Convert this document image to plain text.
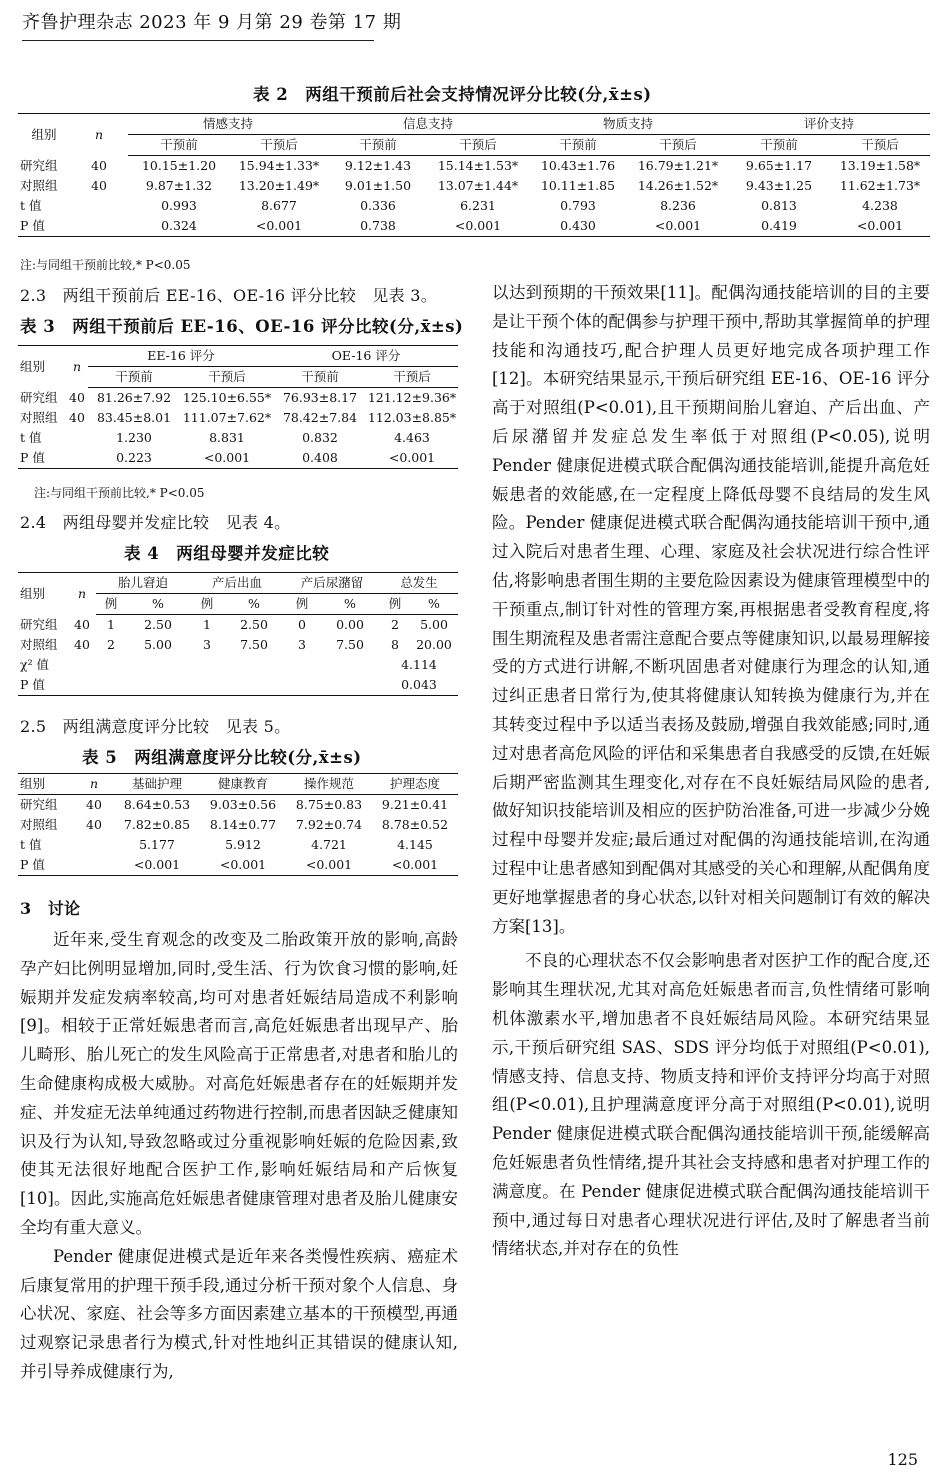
齐鲁护理杂志 2023 年 9 月第 29 卷第 17 期
表 2　两组干预前后社会支持情况评分比较(分,x̄±s)
组别	n	情感支持		信息支持		物质支持		评价支持	
		干预前	干预后	干预前	干预后	干预前	干预后	干预前	干预后
研究组	40	10.15±1.20	15.94±1.33*	9.12±1.43	15.14±1.53*	10.43±1.76	16.79±1.21*	9.65±1.17	13.19±1.58*
对照组	40	9.87±1.32	13.20±1.49*	9.01±1.50	13.07±1.44*	10.11±1.85	14.26±1.52*	9.43±1.25	11.62±1.73*
t 值		0.993	8.677	0.336	6.231	0.793	8.236	0.813	4.238
P 值		0.324	<0.001	0.738	<0.001	0.430	<0.001	0.419	<0.001
注:与同组干预前比较,* P<0.05
2.3　两组干预前后 EE-16、OE-16 评分比较　见表 3。
表 3　两组干预前后 EE-16、OE-16 评分比较(分,x̄±s)
组别	n	EE-16 评分		OE-16 评分	
		干预前	干预后	干预前	干预后
研究组	40	81.26±7.92	125.10±6.55*	76.93±8.17	121.12±9.36*
对照组	40	83.45±8.01	111.07±7.62*	78.42±7.84	112.03±8.85*
t 值		1.230	8.831	0.832	4.463
P 值		0.223	<0.001	0.408	<0.001
注:与同组干预前比较,* P<0.05
2.4　两组母婴并发症比较　见表 4。
表 4　两组母婴并发症比较
组别	n	胎儿窘迫		产后出血		产后尿潴留		总发生	
		例	%	例	%	例	%	例	%
研究组	40	1	2.50	1	2.50	0	0.00	2	5.00
对照组	40	2	5.00	3	7.50	3	7.50	8	20.00
χ² 值								4.114	
P 值								0.043	
2.5　两组满意度评分比较　见表 5。
表 5　两组满意度评分比较(分,x̄±s)
组别	n	基础护理	健康教育	操作规范	护理态度
研究组	40	8.64±0.53	9.03±0.56	8.75±0.83	9.21±0.41
对照组	40	7.82±0.85	8.14±0.77	7.92±0.74	8.78±0.52
t 值		5.177	5.912	4.721	4.145
P 值		<0.001	<0.001	<0.001	<0.001
3　讨论

近年来,受生育观念的改变及二胎政策开放的影响,高龄孕产妇比例明显增加,同时,受生活、行为饮食习惯的影响,妊娠期并发症发病率较高,均可对患者妊娠结局造成不利影响[9]。相较于正常妊娠患者而言,高危妊娠患者出现早产、胎儿畸形、胎儿死亡的发生风险高于正常患者,对患者和胎儿的生命健康构成极大威胁。对高危妊娠患者存在的妊娠期并发症、并发症无法单纯通过药物进行控制,而患者因缺乏健康知识及行为认知,导致忽略或过分重视影响妊娠的危险因素,致使其无法很好地配合医护工作,影响妊娠结局和产后恢复[10]。因此,实施高危妊娠患者健康管理对患者及胎儿健康安全均有重大意义。

Pender 健康促进模式是近年来各类慢性疾病、癌症术后康复常用的护理干预手段,通过分析干预对象个人信息、身心状况、家庭、社会等多方面因素建立基本的干预模型,再通过观察记录患者行为模式,针对性地纠正其错误的健康认知,并引导养成健康行为,

以达到预期的干预效果[11]。配偶沟通技能培训的目的主要是让干预个体的配偶参与护理干预中,帮助其掌握简单的护理技能和沟通技巧,配合护理人员更好地完成各项护理工作[12]。本研究结果显示,干预后研究组 EE-16、OE-16 评分高于对照组(P<0.01),且干预期间胎儿窘迫、产后出血、产后尿潴留并发症总发生率低于对照组(P<0.05),说明 Pender 健康促进模式联合配偶沟通技能培训,能提升高危妊娠患者的效能感,在一定程度上降低母婴不良结局的发生风险。Pender 健康促进模式联合配偶沟通技能培训干预中,通过入院后对患者生理、心理、家庭及社会状况进行综合性评估,将影响患者围生期的主要危险因素设为健康管理模型中的干预重点,制订针对性的管理方案,再根据患者受教育程度,将围生期流程及患者需注意配合要点等健康知识,以最易理解接受的方式进行讲解,不断巩固患者对健康行为理念的认知,通过纠正患者日常行为,使其将健康认知转换为健康行为,并在其转变过程中予以适当表扬及鼓励,增强自我效能感;同时,通过对患者高危风险的评估和采集患者自我感受的反馈,在妊娠后期严密监测其生理变化,对存在不良妊娠结局风险的患者,做好知识技能培训及相应的医护防治准备,可进一步减少分娩过程中母婴并发症;最后通过对配偶的沟通技能培训,在沟通过程中让患者感知到配偶对其感受的关心和理解,从配偶角度更好地掌握患者的身心状态,以针对相关问题制订有效的解决方案[13]。

不良的心理状态不仅会影响患者对医护工作的配合度,还影响其生理状况,尤其对高危妊娠患者而言,负性情绪可影响机体激素水平,增加患者不良妊娠结局风险。本研究结果显示,干预后研究组 SAS、SDS 评分均低于对照组(P<0.01),情感支持、信息支持、物质支持和评价支持评分均高于对照组(P<0.01),且护理满意度评分高于对照组(P<0.01),说明 Pender 健康促进模式联合配偶沟通技能培训干预,能缓解高危妊娠患者负性情绪,提升其社会支持感和患者对护理工作的满意度。在 Pender 健康促进模式联合配偶沟通技能培训干预中,通过每日对患者心理状况进行评估,及时了解患者当前情绪状态,并对存在的负性

125
